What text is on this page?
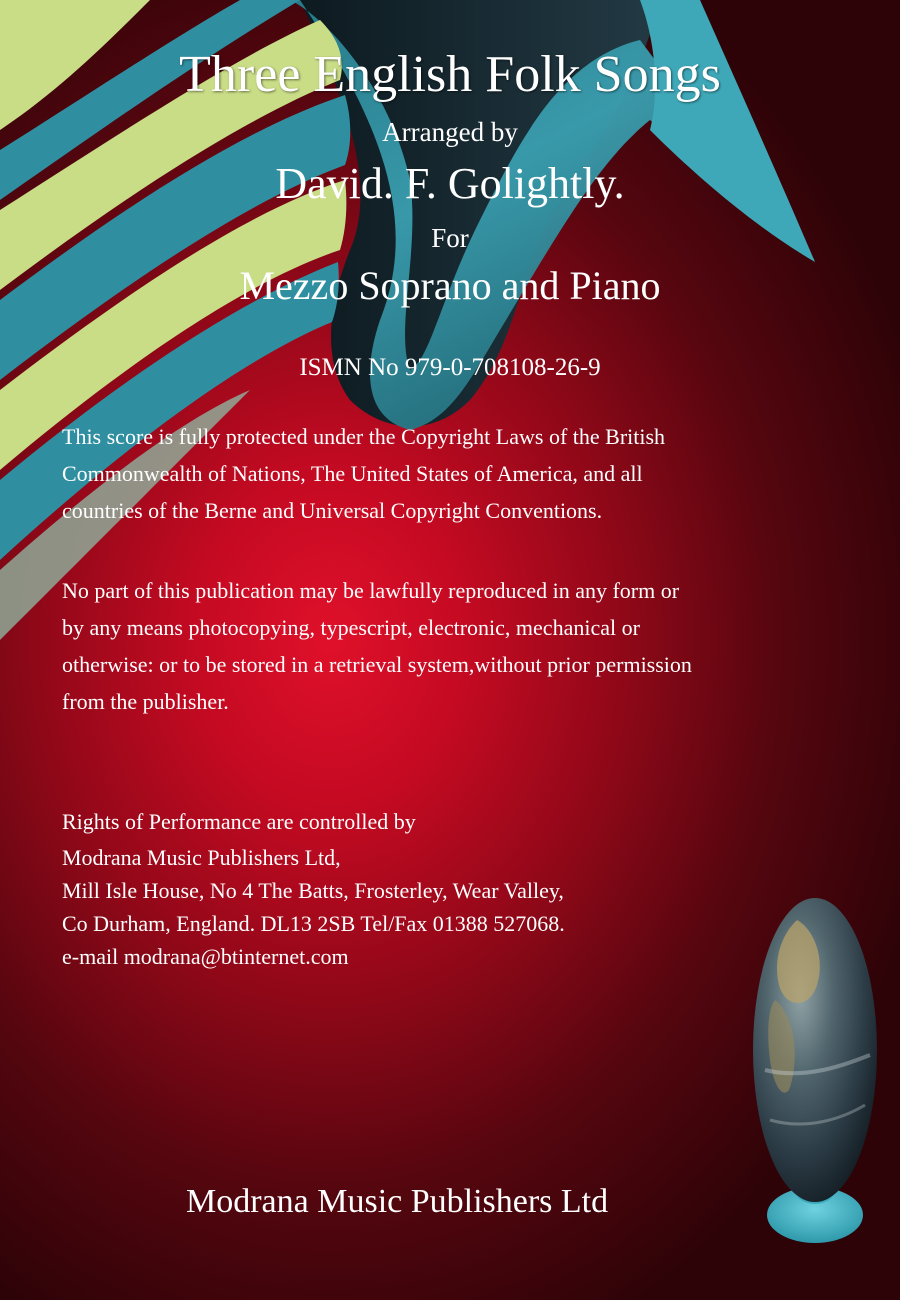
Three English Folk Songs
Arranged by
David. F. Golightly.
For
Mezzo Soprano and Piano
ISMN No 979-0-708108-26-9

This score is fully protected under the Copyright Laws of the British
Commonwealth of Nations, The United States of America, and all
countries of the Berne and Universal Copyright Conventions.

No part of this publication may be lawfully reproduced in any form or
by any means photocopying, typescript, electronic, mechanical or
otherwise: or to be stored in a retrieval system,without prior permission
from the publisher.

Rights of Performance are controlled by
Modrana Music Publishers Ltd,
Mill Isle House, No 4 The Batts, Frosterley, Wear Valley,
Co Durham, England. DL13 2SB Tel/Fax 01388 527068.
e-mail modrana@btinternet.com
Modrana Music Publishers Ltd
